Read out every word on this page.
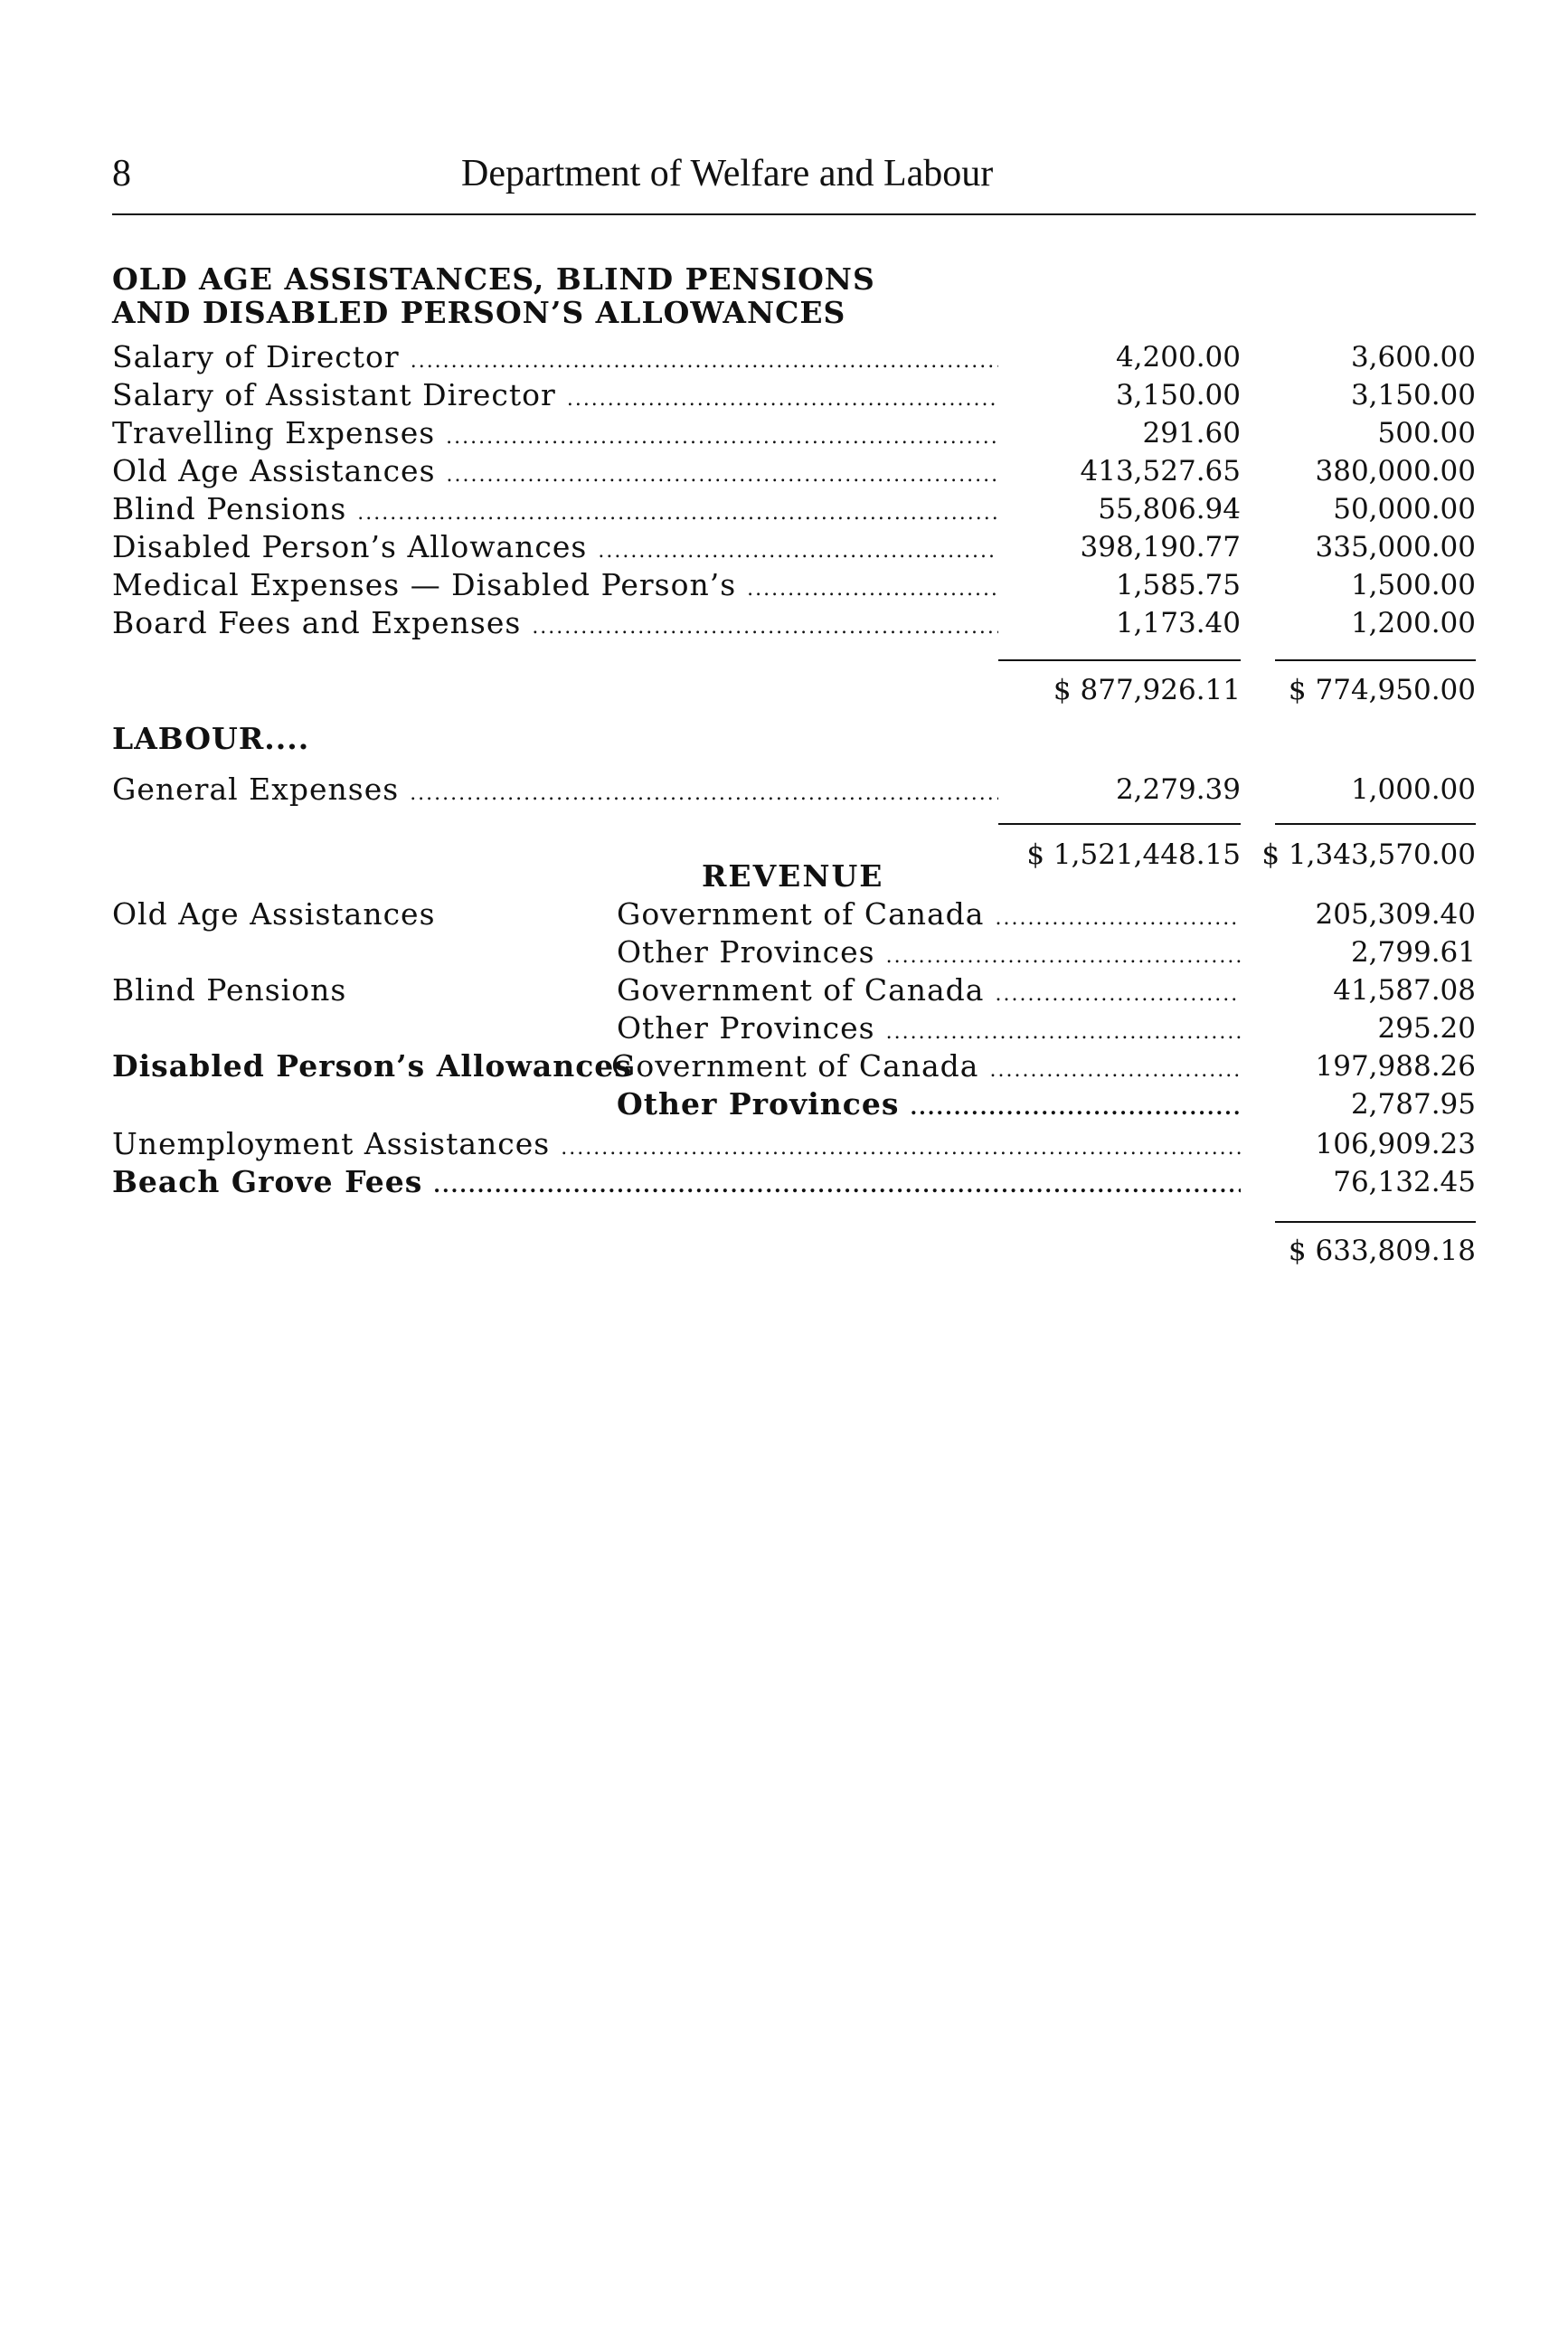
8	Department of Welfare and Labour
OLD AGE ASSISTANCES, BLIND PENSIONS
AND DISABLED PERSON’S ALLOWANCES
Salary of Director .....	4,200.00	3,600.00
Salary of Assistant Director .....	3,150.00	3,150.00
Travelling Expenses .....	291.60	500.00
Old Age Assistances .....	413,527.65	380,000.00
Blind Pensions .....	55,806.94	50,000.00
Disabled Person’s Allowances .....	398,190.77	335,000.00
Medical Expenses — Disabled Person’s .....	1,585.75	1,500.00
Board Fees and Expenses .....	1,173.40	1,200.00
$ 877,926.11	$ 774,950.00
LABOUR....
General Expenses .....	2,279.39	1,000.00
$ 1,521,448.15 $ 1,343,570.00
REVENUE
Old Age Assistances	Government of Canada .....	205,309.40
Other Provinces .....	2,799.61
Blind Pensions	Government of Canada .....	41,587.08
Other Provinces .....	295.20
Disabled Person’s Allowances
Government of Canada .....	197,988.26
Other Provinces .....	2,787.95
Unemployment Assistances .....	106,909.23
Beach Grove Fees .....	76,132.45
$ 633,809.18
